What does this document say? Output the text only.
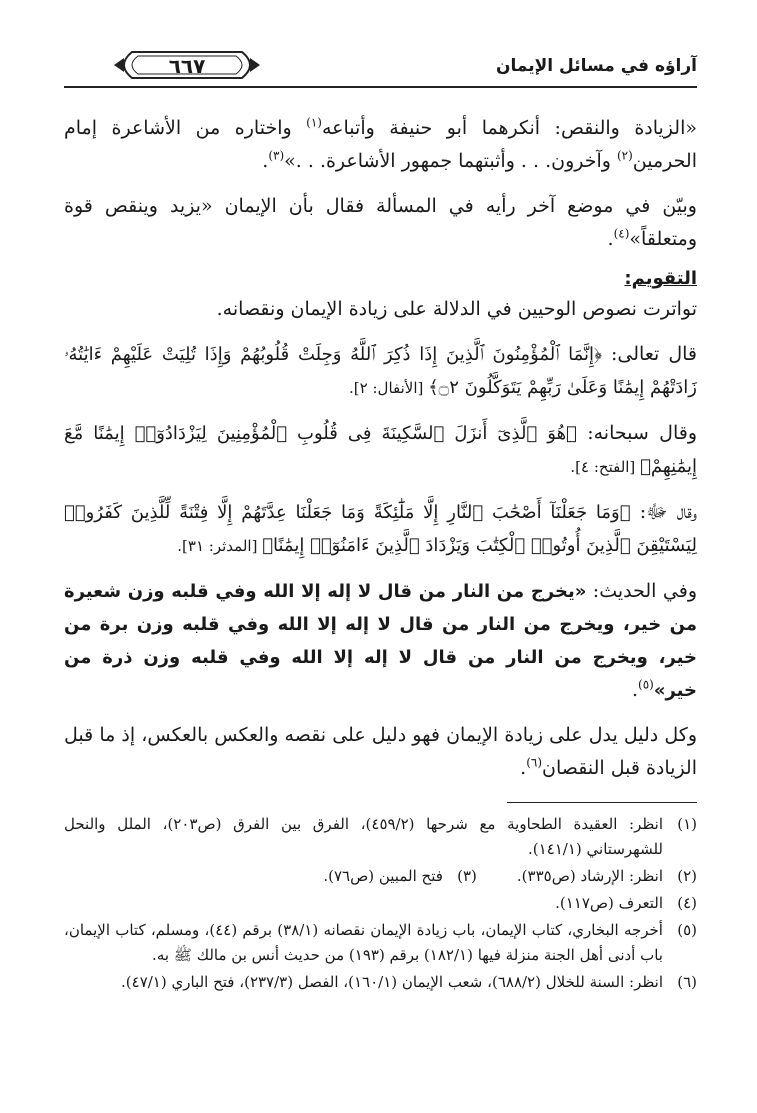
آراؤه في مسائل الإيمان
٦٦٧

«الزيادة والنقص: أنكرهما أبو حنيفة وأتباعه$^{(١)}$ واختاره من الأشاعرة إمام الحرمين$^{(٢)}$ وآخرون. . . وأثبتهما جمهور الأشاعرة. . .»$^{(٣)}$.

وبيّن في موضع آخر رأيه في المسألة فقال بأن الإيمان «يزيد وينقص قوة ومتعلقاً»$^{(٤)}$.

التقويم:

تواترت نصوص الوحيين في الدلالة على زيادة الإيمان ونقصانه.

قال تعالى: ﴿إِنَّمَا ٱلْمُؤْمِنُونَ ٱلَّذِينَ إِذَا ذُكِرَ ٱللَّهُ وَجِلَتْ قُلُوبُهُمْ وَإِذَا تُلِيَتْ عَلَيْهِمْ ءَايَٰتُهُۥ زَادَتْهُمْ إِيمَٰنًا وَعَلَىٰ رَبِّهِمْ يَتَوَكَّلُونَ ۝٢﴾ [الأنفال: ٢].

وقال سبحانه: ﴿هُوَ ٱلَّذِىٓ أَنزَلَ ٱلسَّكِينَةَ فِى قُلُوبِ ٱلْمُؤْمِنِينَ لِيَزْدَادُوٓا۟ إِيمَٰنًا مَّعَ إِيمَٰنِهِمْ﴾ [الفتح: ٤].

وقال ﷻ: ﴿وَمَا جَعَلْنَآ أَصْحَٰبَ ٱلنَّارِ إِلَّا مَلَٰٓئِكَةً وَمَا جَعَلْنَا عِدَّتَهُمْ إِلَّا فِتْنَةً لِّلَّذِينَ كَفَرُوا۟ لِيَسْتَيْقِنَ ٱلَّذِينَ أُوتُوا۟ ٱلْكِتَٰبَ وَيَزْدَادَ ٱلَّذِينَ ءَامَنُوٓا۟ إِيمَٰنًا﴾ [المدثر: ٣١].

وفي الحديث: «يخرج من النار من قال لا إله إلا الله وفي قلبه وزن شعيرة من خير، ويخرج من النار من قال لا إله إلا الله وفي قلبه وزن برة من خير، ويخرج من النار من قال لا إله إلا الله وفي قلبه وزن ذرة من خير»$^{(٥)}$.

وكل دليل يدل على زيادة الإيمان فهو دليل على نقصه والعكس بالعكس، إذ ما قبل الزيادة قبل النقصان$^{(٦)}$.

(١)
انظر: العقيدة الطحاوية مع شرحها (٤٥٩/٢)، الفرق بين الفرق (ص٢٠٣)، الملل والنحل للشهرستاني (١٤١/١).
(٢)
انظر: الإرشاد (ص٣٣٥).
(٣)
فتح المبين (ص٧٦).
(٤)
التعرف (ص١١٧).
(٥)
أخرجه البخاري، كتاب الإيمان، باب زيادة الإيمان نقصانه (٣٨/١) برقم (٤٤)، ومسلم، كتاب الإيمان، باب أدنى أهل الجنة منزلة فيها (١٨٢/١) برقم (١٩٣) من حديث أنس بن مالك ﷺ به.
(٦)
انظر: السنة للخلال (٦٨٨/٢)، شعب الإيمان (١٦٠/١)، الفصل (٢٣٧/٣)، فتح الباري (٤٧/١).
